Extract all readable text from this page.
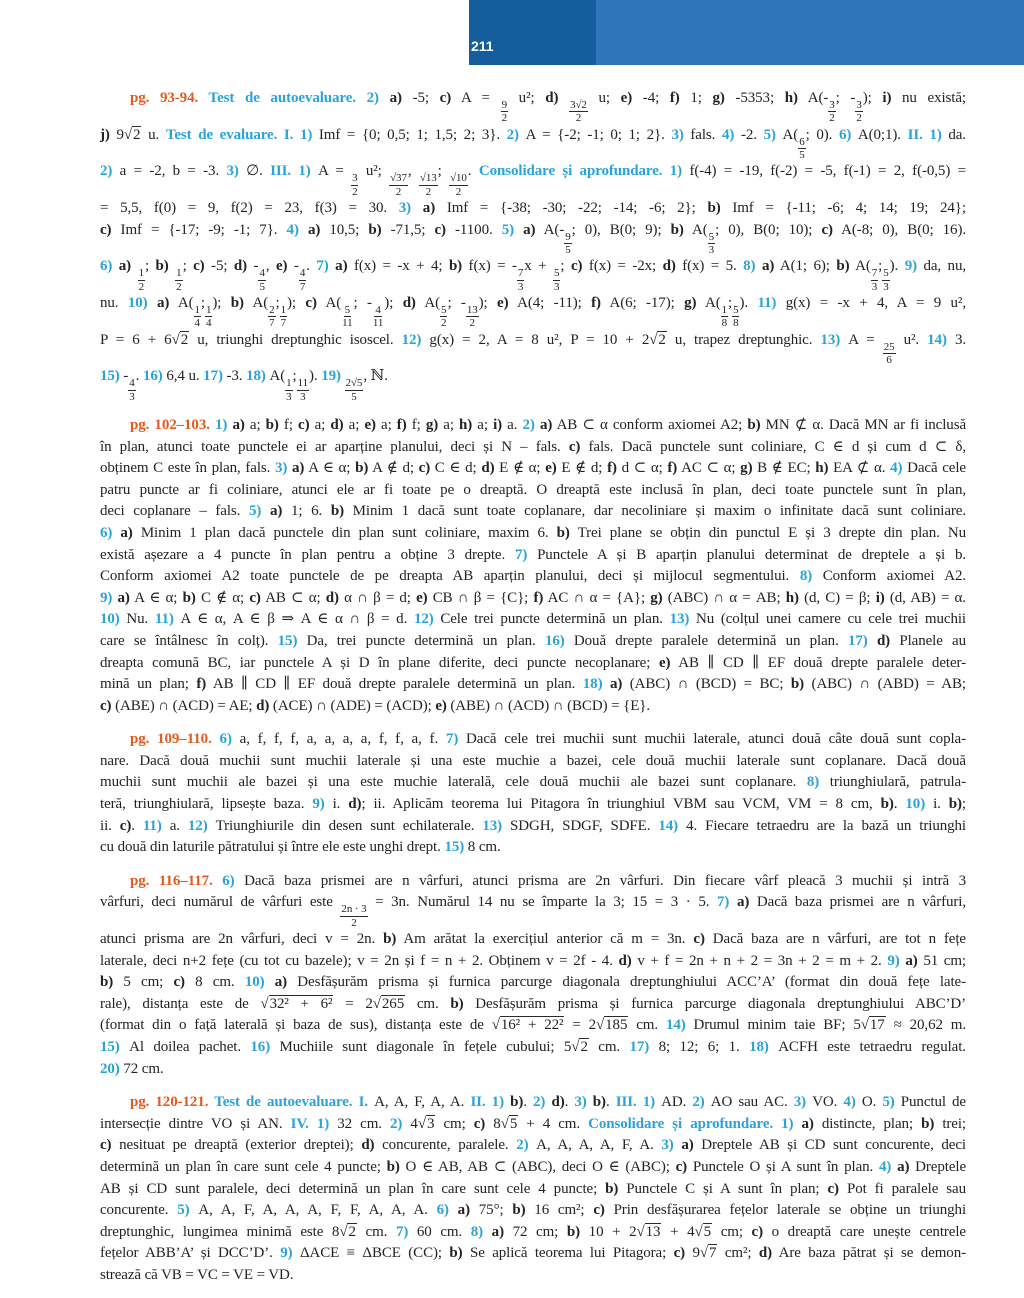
Indicații și răspunsuri	211
pg. 93-94. Test de autoevaluare. 2) a) -5; c) A =
$\frac{9}{2}$
u²; d)
$\frac{3√2}{2}$
u; e) -4; f) 1; g) -5353; h) A(-
$\frac{3}{2}$
; -
$\frac{3}{2}$
); i) nu există;
j) 9√2 u. Test de evaluare. I. 1) Imf = {0; 0,5; 1; 1,5; 2; 3}. 2) A = {-2; -1; 0; 1; 2}. 3) fals. 4) -2. 5) A(
$\frac{6}{5}$
; 0). 6) A(0;1). II. 1) da.
2) a = -2, b = -3. 3) ∅. III. 1) A =
$\frac{3}{2}$
u²;
$\frac{√37}{2}$
,
$\frac{√13}{2}$
;
$\frac{√10}{2}$
. Consolidare și aprofundare. 1) f(-4) = -19, f(-2) = -5, f(-1) = 2, f(-0,5) =
= 5,5, f(0) = 9, f(2) = 23, f(3) = 30. 3) a) Imf = {-38; -30; -22; -14; -6; 2}; b) Imf = {-11; -6; 4; 14; 19; 24};
c) Imf = {-17; -9; -1; 7}. 4) a) 10,5; b) -71,5; c) -1100. 5) a) A(-
$\frac{9}{5}$
; 0), B(0; 9); b) A(
$\frac{5}{3}$
; 0), B(0; 10); c) A(-8; 0), B(0; 16).
6) a)
$\frac{1}{2}$
; b)
$\frac{1}{2}$
; c) -5; d) -
$\frac{4}{5}$
, e) -
$\frac{4}{7}$
. 7) a) f(x) = -x + 4; b) f(x) = -
$\frac{7}{3}$
x +
$\frac{5}{3}$
; c) f(x) = -2x; d) f(x) = 5. 8) a) A(1; 6); b) A(
$\frac{7}{3}$
;
$\frac{5}{3}$
). 9) da, nu,
nu. 10) a) A(
$\frac{1}{4}$
;
$\frac{1}{4}$
); b) A(
$\frac{2}{7}$
;
$\frac{1}{7}$
); c) A(
$\frac{5}{11}$
; -
$\frac{4}{11}$
); d) A(
$\frac{5}{2}$
; -
$\frac{13}{2}$
); e) A(4; -11); f) A(6; -17); g) A(
$\frac{1}{8}$
;
$\frac{5}{8}$
). 11) g(x) = -x + 4, A = 9 u²,
P = 6 + 6√2 u, triunghi dreptunghic isoscel. 12) g(x) = 2, A = 8 u², P = 10 + 2√2 u, trapez dreptunghic. 13) A =
$\frac{25}{6}$
u². 14) 3.
15) -
$\frac{4}{3}$
. 16) 6,4 u. 17) -3. 18) A(
$\frac{1}{3}$
;
$\frac{11}{3}$
). 19)
$\frac{2√5}{5}$
, ℕ.
pg. 102–103. 1) a) a; b) f; c) a; d) a; e) a; f) f; g) a; h) a; i) a. 2) a) AB ⊂ α conform axiomei A2; b) MN ⊄ α. Dacă MN ar fi inclusă
în plan, atunci toate punctele ei ar aparține planului, deci și N – fals. c) fals. Dacă punctele sunt coliniare, C ∈ d și cum d ⊂ δ,
obținem C este în plan, fals. 3) a) A ∈ α; b) A ∉ d; c) C ∈ d; d) E ∉ α; e) E ∉ d; f) d ⊂ α; f) AC ⊂ α; g) B ∉ EC; h) EA ⊄ α. 4) Dacă cele
patru puncte ar fi coliniare, atunci ele ar fi toate pe o dreaptă. O dreaptă este inclusă în plan, deci toate punctele sunt în plan,
deci coplanare – fals. 5) a) 1; 6. b) Minim 1 dacă sunt toate coplanare, dar necoliniare și maxim o infinitate dacă sunt coliniare.
6) a) Minim 1 plan dacă punctele din plan sunt coliniare, maxim 6. b) Trei plane se obțin din punctul E și 3 drepte din plan. Nu
există așezare a 4 puncte în plan pentru a obține 3 drepte. 7) Punctele A și B aparțin planului determinat de dreptele a și b.
Conform axiomei A2 toate punctele de pe dreapta AB aparțin planului, deci și mijlocul segmentului. 8) Conform axiomei A2.
9) a) A ∈ α; b) C ∉ α; c) AB ⊂ α; d) α ∩ β = d; e) CB ∩ β = {C}; f) AC ∩ α = {A}; g) (ABC) ∩ α = AB; h) (d, C) = β; i) (d, AB) = α.
10) Nu. 11) A ∈ α, A ∈ β ⇒ A ∈ α ∩ β = d. 12) Cele trei puncte determină un plan. 13) Nu (colțul unei camere cu cele trei muchii
care se întâlnesc în colț). 15) Da, trei puncte determină un plan. 16) Două drepte paralele determină un plan. 17) d) Planele au
dreapta comună BC, iar punctele A și D în plane diferite, deci puncte necoplanare; e) AB ∥ CD ∥ EF două drepte paralele deter-
mină un plan; f) AB ∥ CD ∥ EF două drepte paralele determină un plan. 18) a) (ABC) ∩ (BCD) = BC; b) (ABC) ∩ (ABD) = AB;
c) (ABE) ∩ (ACD) = AE; d) (ACE) ∩ (ADE) = (ACD); e) (ABE) ∩ (ACD) ∩ (BCD) = {E}.
pg. 109–110. 6) a, f, f, f, a, a, a, a, f, f, a, f. 7) Dacă cele trei muchii sunt muchii laterale, atunci două câte două sunt copla-
nare. Dacă două muchii sunt muchii laterale și una este muchie a bazei, cele două muchii laterale sunt coplanare. Dacă două
muchii sunt muchii ale bazei și una este muchie laterală, cele două muchii ale bazei sunt coplanare. 8) triunghiulară, patrula-
teră, triunghiulară, lipsește baza. 9) i. d); ii. Aplicăm teorema lui Pitagora în triunghiul VBM sau VCM, VM = 8 cm, b). 10) i. b);
ii. c). 11) a. 12) Triunghiurile din desen sunt echilaterale. 13) SDGH, SDGF, SDFE. 14) 4. Fiecare tetraedru are la bază un triunghi
cu două din laturile pătratului și între ele este unghi drept. 15) 8 cm.
pg. 116–117. 6) Dacă baza prismei are n vârfuri, atunci prisma are 2n vârfuri. Din fiecare vârf pleacă 3 muchii și intră 3
vârfuri, deci numărul de vârfuri este
$\frac{2n \cdot 3}{2}$
= 3n. Numărul 14 nu se împarte la 3; 15 = 3 · 5. 7) a) Dacă baza prismei are n vârfuri,
atunci prisma are 2n vârfuri, deci v = 2n. b) Am arătat la exercițiul anterior că m = 3n. c) Dacă baza are n vârfuri, are tot n fețe
laterale, deci n+2 fețe (cu tot cu bazele); v = 2n și f = n + 2. Obținem v = 2f - 4. d) v + f = 2n + n + 2 = 3n + 2 = m + 2. 9) a) 51 cm;
b) 5 cm; c) 8 cm. 10) a) Desfășurăm prisma și furnica parcurge diagonala dreptunghiului ACC’A’ (format din două fețe late-
rale), distanța este de √32² + 6² = 2√265 cm. b) Desfășurăm prisma și furnica parcurge diagonala dreptunghiului ABC’D’
(format din o față laterală și baza de sus), distanța este de √16² + 22² = 2√185 cm. 14) Drumul minim taie BF; 5√17 ≈ 20,62 m.
15) Al doilea pachet. 16) Muchiile sunt diagonale în fețele cubului; 5√2 cm. 17) 8; 12; 6; 1. 18) ACFH este tetraedru regulat.
20) 72 cm.
pg. 120-121. Test de autoevaluare. I. A, A, F, A, A. II. 1) b). 2) d). 3) b). III. 1) AD. 2) AO sau AC. 3) VO. 4) O. 5) Punctul de
intersecție dintre VO și AN. IV. 1) 32 cm. 2) 4√3 cm; c) 8√5 + 4 cm. Consolidare și aprofundare. 1) a) distincte, plan; b) trei;
c) nesituat pe dreaptă (exterior dreptei); d) concurente, paralele. 2) A, A, A, A, F, A. 3) a) Dreptele AB și CD sunt concurente, deci
determină un plan în care sunt cele 4 puncte; b) O ∈ AB, AB ⊂ (ABC), deci O ∈ (ABC); c) Punctele O și A sunt în plan. 4) a) Dreptele
AB și CD sunt paralele, deci determină un plan în care sunt cele 4 puncte; b) Punctele C și A sunt în plan; c) Pot fi paralele sau
concurente. 5) A, A, F, A, A, A, F, F, A, A, A. 6) a) 75°; b) 16 cm²; c) Prin desfășurarea fețelor laterale se obține un triunghi
dreptunghic, lungimea minimă este 8√2 cm. 7) 60 cm. 8) a) 72 cm; b) 10 + 2√13 + 4√5 cm; c) o dreaptă care unește centrele
fețelor ABB’A’ și DCC’D’. 9) ΔACE ≡ ΔBCE (CC); b) Se aplică teorema lui Pitagora; c) 9√7 cm²; d) Are baza pătrat și se demon-
strează că VB = VC = VE = VD.
